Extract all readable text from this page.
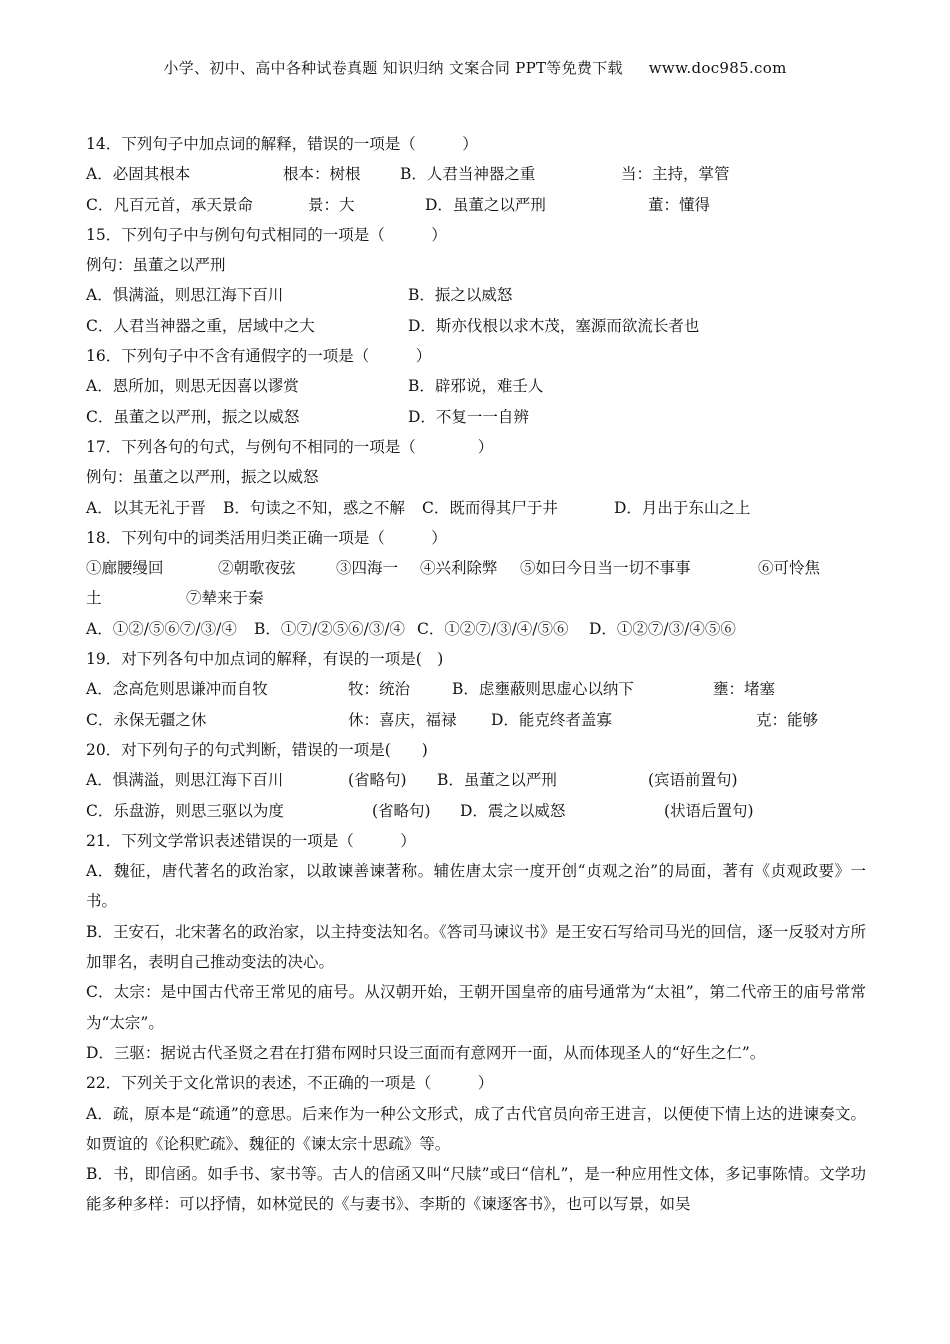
小学、初中、高中各种试卷真题 知识归纳 文案合同 PPT等免费下载 www.doc985.com
14．下列句子中加点词的解释，错误的一项是（　　　）
A．必固其根本	根本：树根	B．人君当神器之重	当：主持，掌管
C．凡百元首，承天景命	景：大	D．虽董之以严刑	董：懂得
15．下列句子中与例句句式相同的一项是（　　　）
例句：虽董之以严刑
A．惧满溢，则思江海下百川	B．振之以威怒
C．人君当神器之重，居域中之大	D．斯亦伐根以求木茂，塞源而欲流长者也
16．下列句子中不含有通假字的一项是（　　　）
A．恩所加，则思无因喜以谬赏	B．辟邪说，难壬人
C．虽董之以严刑，振之以威怒	D．不复一一自辨
17．下列各句的句式，与例句不相同的一项是（　　　　）
例句：虽董之以严刑，振之以威怒
A．以其无礼于晋 B．句读之不知，惑之不解 C．既而得其尸于井	D．月出于东山之上
18．下列句中的词类活用归类正确一项是（　　　）
①廊腰缦回	②朝歌夜弦	③四海一 ④兴利除弊 ⑤如曰今日当一切不事事	⑥可怜焦
土	⑦辇来于秦
A．①②/⑤⑥⑦/③/④ B．①⑦/②⑤⑥/③/④ C．①②⑦/③/④/⑤⑥ D．①②⑦/③/④⑤⑥
19．对下列各句中加点词的解释，有误的一项是(　)
A．念高危则思谦冲而自牧	牧：统治	B．虑壅蔽则思虚心以纳下	壅：堵塞
C．永保无疆之休	休：喜庆，福禄 D．能克终者盖寡	克：能够
20．对下列句子的句式判断，错误的一项是(　　)
A．惧满溢，则思江海下百川	(省略句) B．虽董之以严刑	(宾语前置句)
C．乐盘游，则思三驱以为度	(省略句) D．震之以威怒	(状语后置句)
21．下列文学常识表述错误的一项是（　　　）
A．魏征，唐代著名的政治家，以敢谏善谏著称。辅佐唐太宗一度开创“贞观之治”的局面，著有《贞观政要》一书。
B．王安石，北宋著名的政治家，以主持变法知名。《答司马谏议书》是王安石写给司马光的回信，逐一反驳对方所加罪名，表明自己推动变法的决心。
C．太宗：是中国古代帝王常见的庙号。从汉朝开始，王朝开国皇帝的庙号通常为“太祖”，第二代帝王的庙号常常为“太宗”。
D．三驱：据说古代圣贤之君在打猎布网时只设三面而有意网开一面，从而体现圣人的“好生之仁”。
22．下列关于文化常识的表述，不正确的一项是（　　　）
A．疏，原本是“疏通”的意思。后来作为一种公文形式，成了古代官员向帝王进言，以便使下情上达的进谏奏文。如贾谊的《论积贮疏》、魏征的《谏太宗十思疏》等。
B．书，即信函。如手书、家书等。古人的信函又叫“尺牍”或曰“信札”，是一种应用性文体，多记事陈情。文学功能多种多样：可以抒情，如林觉民的《与妻书》、李斯的《谏逐客书》，也可以写景，如吴
